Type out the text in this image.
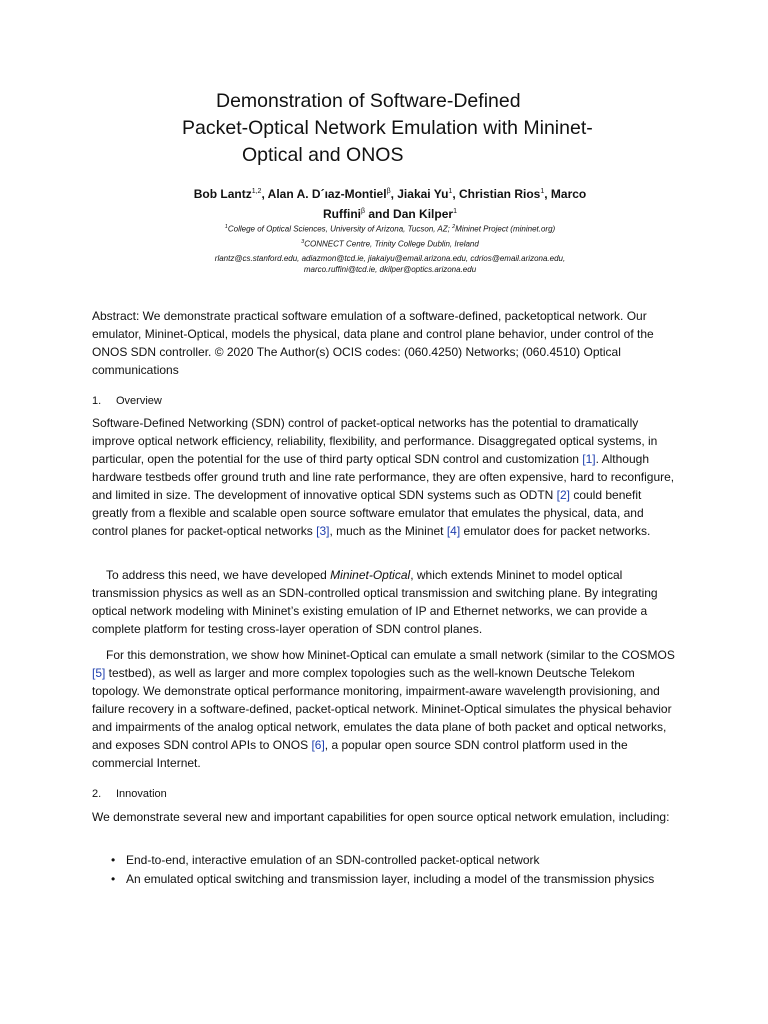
Demonstration of Software-Defined
Packet-Optical Network Emulation with Mininet-
Optical and ONOS
Bob Lantz$^{1,2}$, Alan A. D´ıaz-Montiel$^\beta$, Jiakai Yu$^1$, Christian Rios$^1$, Marco
Ruffini$^\beta$ and Dan Kilper$^1$
$^1$College of Optical Sciences, University of Arizona, Tucson, AZ; $^2$Mininet Project (mininet.org)
$^3$CONNECT Centre, Trinity College Dublin, Ireland
rlantz@cs.stanford.edu, adiazmon@tcd.ie, jiakaiyu@email.arizona.edu, cdrios@email.arizona.edu,
marco.ruffini@tcd.ie, dkilper@optics.arizona.edu
Abstract: We demonstrate practical software emulation of a software-defined, packetoptical network. Our emulator, Mininet-Optical, models the physical, data plane and control plane behavior, under control of the ONOS SDN controller. © 2020 The Author(s) OCIS codes: (060.4250) Networks; (060.4510) Optical communications
1. Overview
Software-Defined Networking (SDN) control of packet-optical networks has the potential to dramatically improve optical network efficiency, reliability, flexibility, and performance. Disaggregated optical systems, in particular, open the potential for the use of third party optical SDN control and customization [1]. Although hardware testbeds offer ground truth and line rate performance, they are often expensive, hard to reconfigure, and limited in size. The development of innovative optical SDN systems such as ODTN [2] could benefit greatly from a flexible and scalable open source software emulator that emulates the physical, data, and control planes for packet-optical networks [3], much as the Mininet [4] emulator does for packet networks.
To address this need, we have developed Mininet-Optical, which extends Mininet to model optical transmission physics as well as an SDN-controlled optical transmission and switching plane. By integrating optical network modeling with Mininet’s existing emulation of IP and Ethernet networks, we can provide a complete platform for testing cross-layer operation of SDN control planes.
For this demonstration, we show how Mininet-Optical can emulate a small network (similar to the COSMOS [5] testbed), as well as larger and more complex topologies such as the well-known Deutsche Telekom topology. We demonstrate optical performance monitoring, impairment-aware wavelength provisioning, and failure recovery in a software-defined, packet-optical network. Mininet-Optical simulates the physical behavior and impairments of the analog optical network, emulates the data plane of both packet and optical networks, and exposes SDN control APIs to ONOS [6], a popular open source SDN control platform used in the commercial Internet.
2. Innovation
We demonstrate several new and important capabilities for open source optical network emulation, including:
• End-to-end, interactive emulation of an SDN-controlled packet-optical network
• An emulated optical switching and transmission layer, including a model of the transmission physics
